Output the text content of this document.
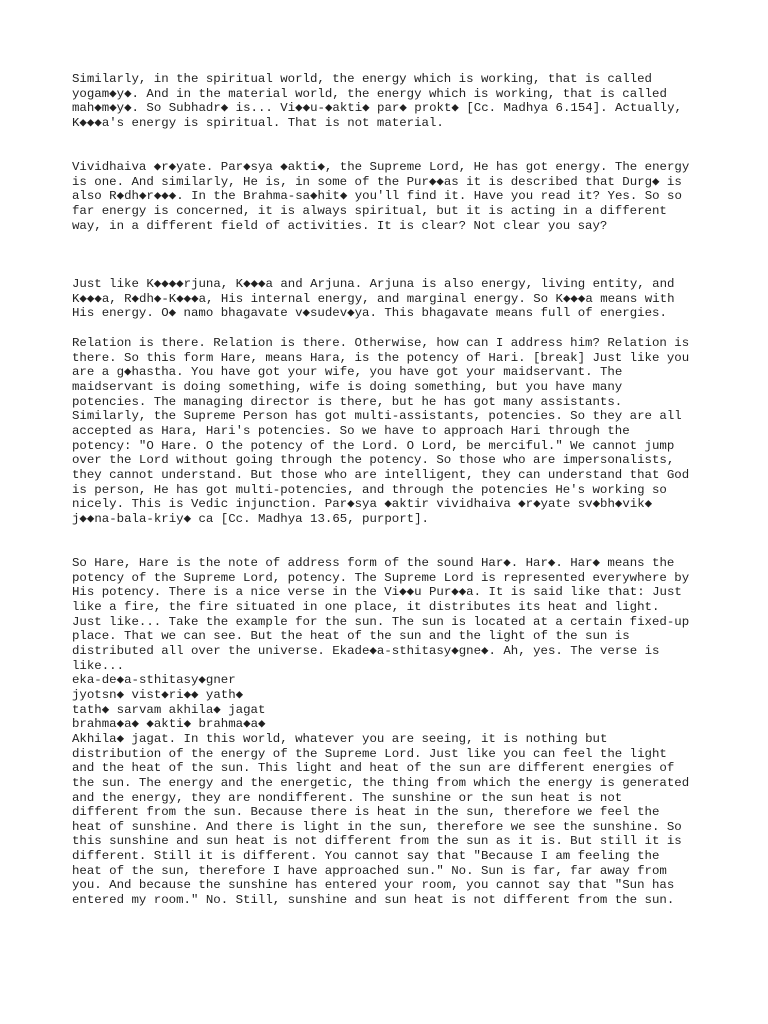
Similarly, in the spiritual world, the energy which is working, that is called
yogam◆y◆. And in the material world, the energy which is working, that is called
mah◆m◆y◆. So Subhadr◆ is... Vi◆◆u-◆akti◆ par◆ prokt◆ [Cc. Madhya 6.154]. Actually,
K◆◆◆a's energy is spiritual. That is not material.
Vividhaiva ◆r◆yate. Par◆sya ◆akti◆, the Supreme Lord, He has got energy. The energy
is one. And similarly, He is, in some of the Pur◆◆as it is described that Durg◆ is
also R◆dh◆r◆◆◆. In the Brahma-sa◆hit◆ you'll find it. Have you read it? Yes. So so
far energy is concerned, it is always spiritual, but it is acting in a different
way, in a different field of activities. It is clear? Not clear you say?
Just like K◆◆◆◆rjuna, K◆◆◆a and Arjuna. Arjuna is also energy, living entity, and
K◆◆◆a, R◆dh◆-K◆◆◆a, His internal energy, and marginal energy. So K◆◆◆a means with
His energy. O◆ namo bhagavate v◆sudev◆ya. This bhagavate means full of energies.
Relation is there. Relation is there. Otherwise, how can I address him? Relation is
there. So this form Hare, means Hara, is the potency of Hari. [break] Just like you
are a g◆hastha. You have got your wife, you have got your maidservant. The
maidservant is doing something, wife is doing something, but you have many
potencies. The managing director is there, but he has got many assistants.
Similarly, the Supreme Person has got multi-assistants, potencies. So they are all
accepted as Hara, Hari's potencies. So we have to approach Hari through the
potency: "O Hare. O the potency of the Lord. O Lord, be merciful." We cannot jump
over the Lord without going through the potency. So those who are impersonalists,
they cannot understand. But those who are intelligent, they can understand that God
is person, He has got multi-potencies, and through the potencies He's working so
nicely. This is Vedic injunction. Par◆sya ◆aktir vividhaiva ◆r◆yate sv◆bh◆vik◆
j◆◆na-bala-kriy◆ ca [Cc. Madhya 13.65, purport].
So Hare, Hare is the note of address form of the sound Har◆. Har◆. Har◆ means the
potency of the Supreme Lord, potency. The Supreme Lord is represented everywhere by
His potency. There is a nice verse in the Vi◆◆u Pur◆◆a. It is said like that: Just
like a fire, the fire situated in one place, it distributes its heat and light.
Just like... Take the example for the sun. The sun is located at a certain fixed-up
place. That we can see. But the heat of the sun and the light of the sun is
distributed all over the universe. Ekade◆a-sthitasy◆gne◆. Ah, yes. The verse is
like...
eka-de◆a-sthitasy◆gner
jyotsn◆ vist◆ri◆◆ yath◆
tath◆ sarvam akhila◆ jagat
brahma◆a◆ ◆akti◆ brahma◆a◆
Akhila◆ jagat. In this world, whatever you are seeing, it is nothing but
distribution of the energy of the Supreme Lord. Just like you can feel the light
and the heat of the sun. This light and heat of the sun are different energies of
the sun. The energy and the energetic, the thing from which the energy is generated
and the energy, they are nondifferent. The sunshine or the sun heat is not
different from the sun. Because there is heat in the sun, therefore we feel the
heat of sunshine. And there is light in the sun, therefore we see the sunshine. So
this sunshine and sun heat is not different from the sun as it is. But still it is
different. Still it is different. You cannot say that "Because I am feeling the
heat of the sun, therefore I have approached sun." No. Sun is far, far away from
you. And because the sunshine has entered your room, you cannot say that "Sun has
entered my room." No. Still, sunshine and sun heat is not different from the sun.
